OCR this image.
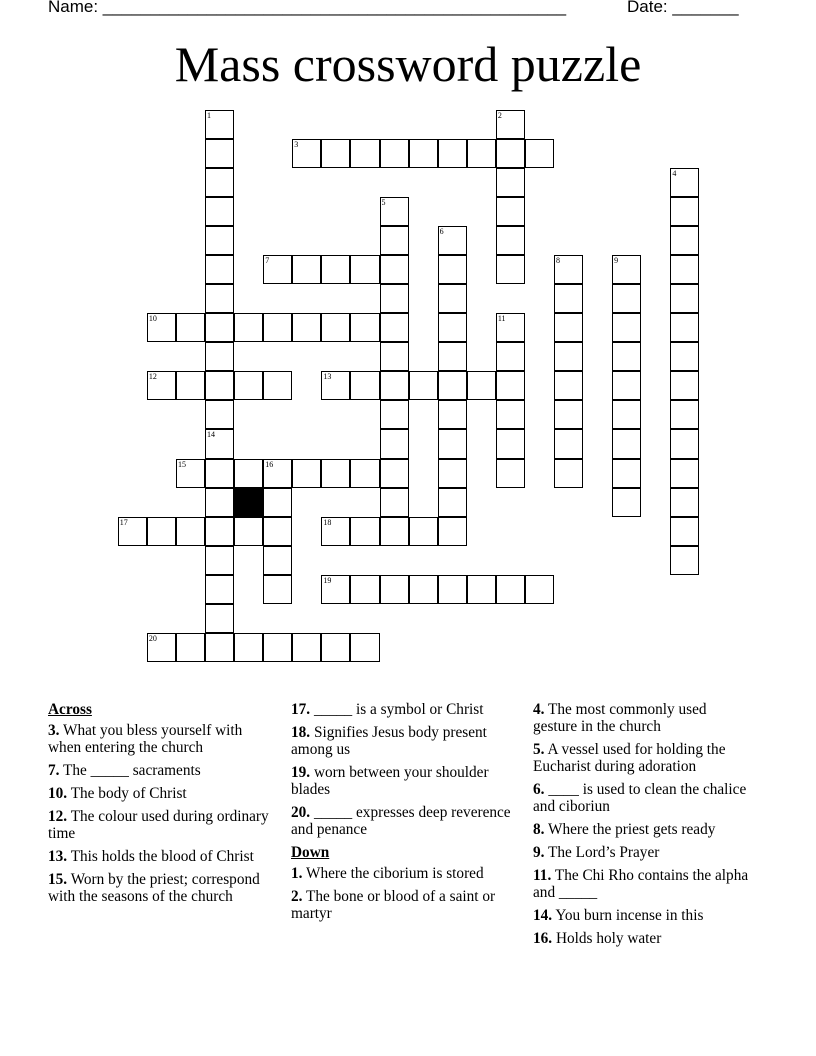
Name: _________________________________________________	Date: _______
Mass crossword puzzle
3
7
10
12	13
15	16
17	18
19
20
1
14
2
4
5
6
8	9
11
Across
3. What you bless yourself with when entering the church
7. The _____ sacraments
10. The body of Christ
12. The colour used during ordinary time
13. This holds the blood of Christ
15. Worn by the priest; correspond with the seasons of the church
17. _____ is a symbol or Christ
18. Signifies Jesus body present among us
19. worn between your shoulder blades
20. _____ expresses deep reverence and penance
Down
1. Where the ciborium is stored
2. The bone or blood of a saint or martyr
4. The most commonly used gesture in the church
5. A vessel used for holding the Eucharist during adoration
6. ____ is used to clean the chalice and ciboriun
8. Where the priest gets ready
9. The Lord’s Prayer
11. The Chi Rho contains the alpha and _____
14. You burn incense in this
16. Holds holy water
